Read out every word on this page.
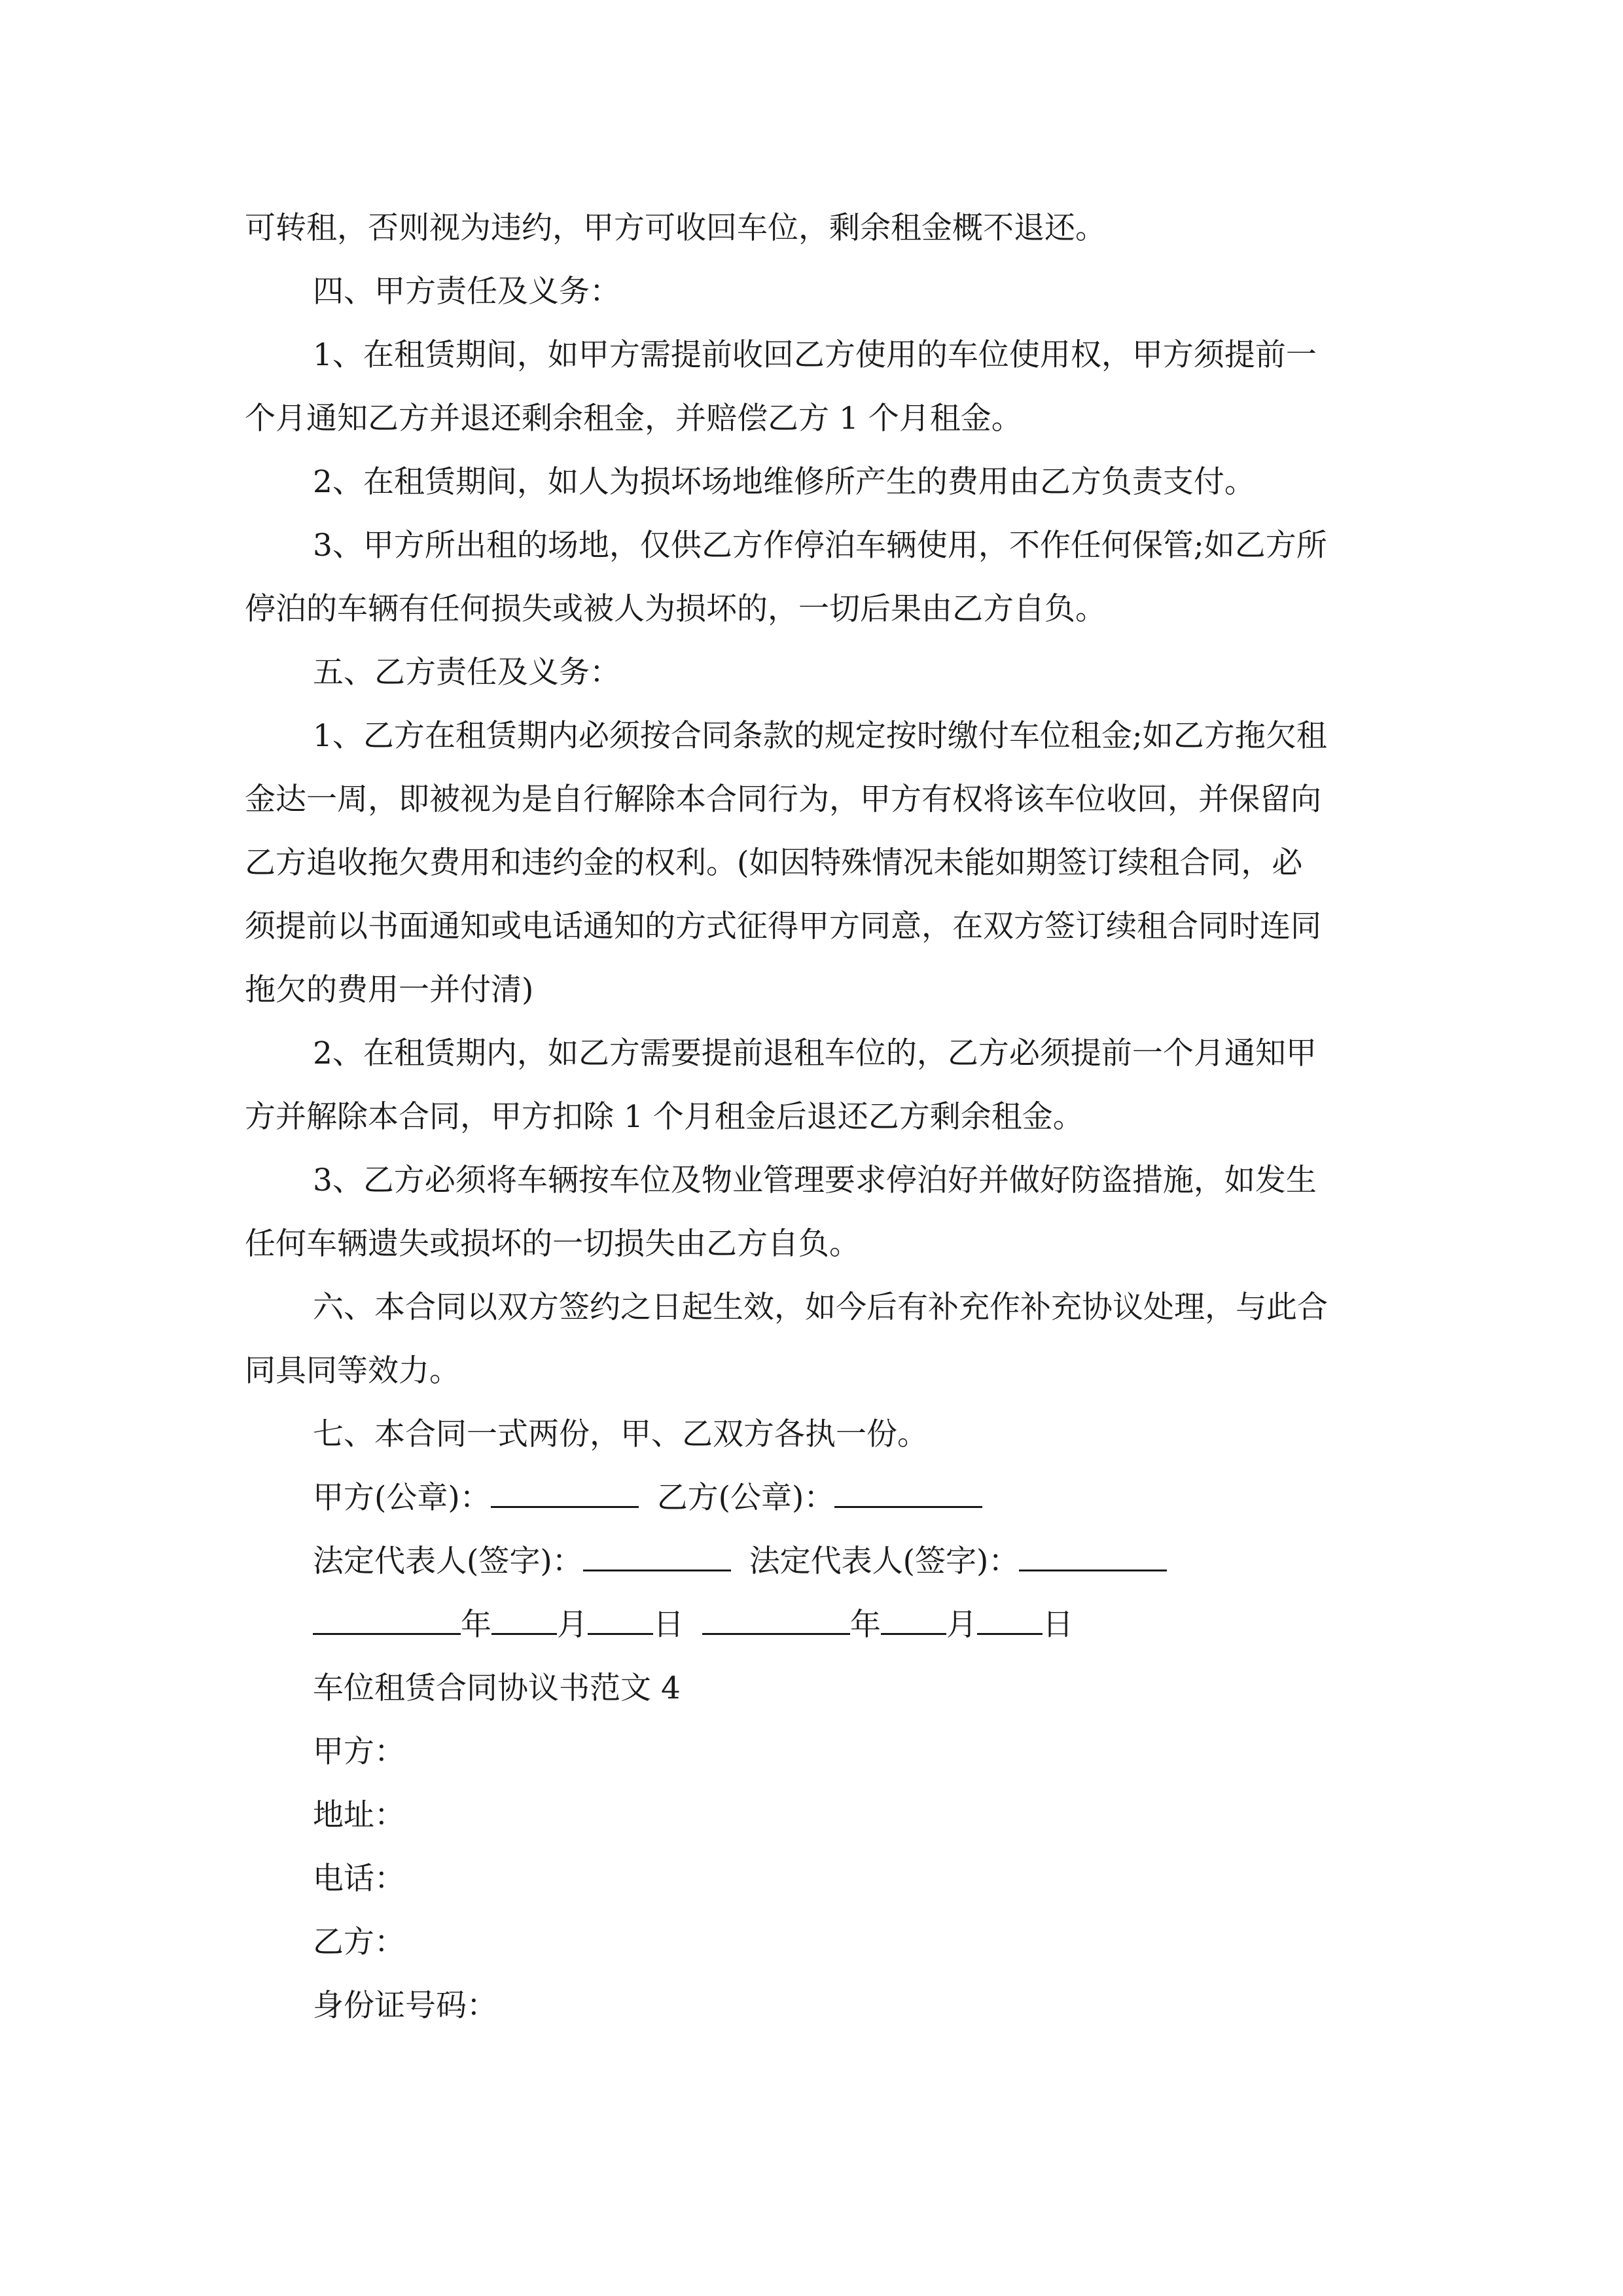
可转租，否则视为违约，甲方可收回车位，剩余租金概不退还。

四、甲方责任及义务：

1、在租赁期间，如甲方需提前收回乙方使用的车位使用权，甲方须提前一

个月通知乙方并退还剩余租金，并赔偿乙方 1 个月租金。

2、在租赁期间，如人为损坏场地维修所产生的费用由乙方负责支付。

3、甲方所出租的场地，仅供乙方作停泊车辆使用，不作任何保管;如乙方所

停泊的车辆有任何损失或被人为损坏的，一切后果由乙方自负。

五、乙方责任及义务：

1、乙方在租赁期内必须按合同条款的规定按时缴付车位租金;如乙方拖欠租

金达一周，即被视为是自行解除本合同行为，甲方有权将该车位收回，并保留向

乙方追收拖欠费用和违约金的权利。(如因特殊情况未能如期签订续租合同，必

须提前以书面通知或电话通知的方式征得甲方同意，在双方签订续租合同时连同

拖欠的费用一并付清)

2、在租赁期内，如乙方需要提前退租车位的，乙方必须提前一个月通知甲

方并解除本合同，甲方扣除 1 个月租金后退还乙方剩余租金。

3、乙方必须将车辆按车位及物业管理要求停泊好并做好防盗措施，如发生

任何车辆遗失或损坏的一切损失由乙方自负。

六、本合同以双方签约之日起生效，如今后有补充作补充协议处理，与此合

同具同等效力。

七、本合同一式两份，甲、乙双方各执一份。

甲方(公章)：	乙方(公章)：

法定代表人(签字)：	法定代表人(签字)：

年 月 日	年 月 日

车位租赁合同协议书范文 4

甲方：

地址：

电话：

乙方：

身份证号码：
